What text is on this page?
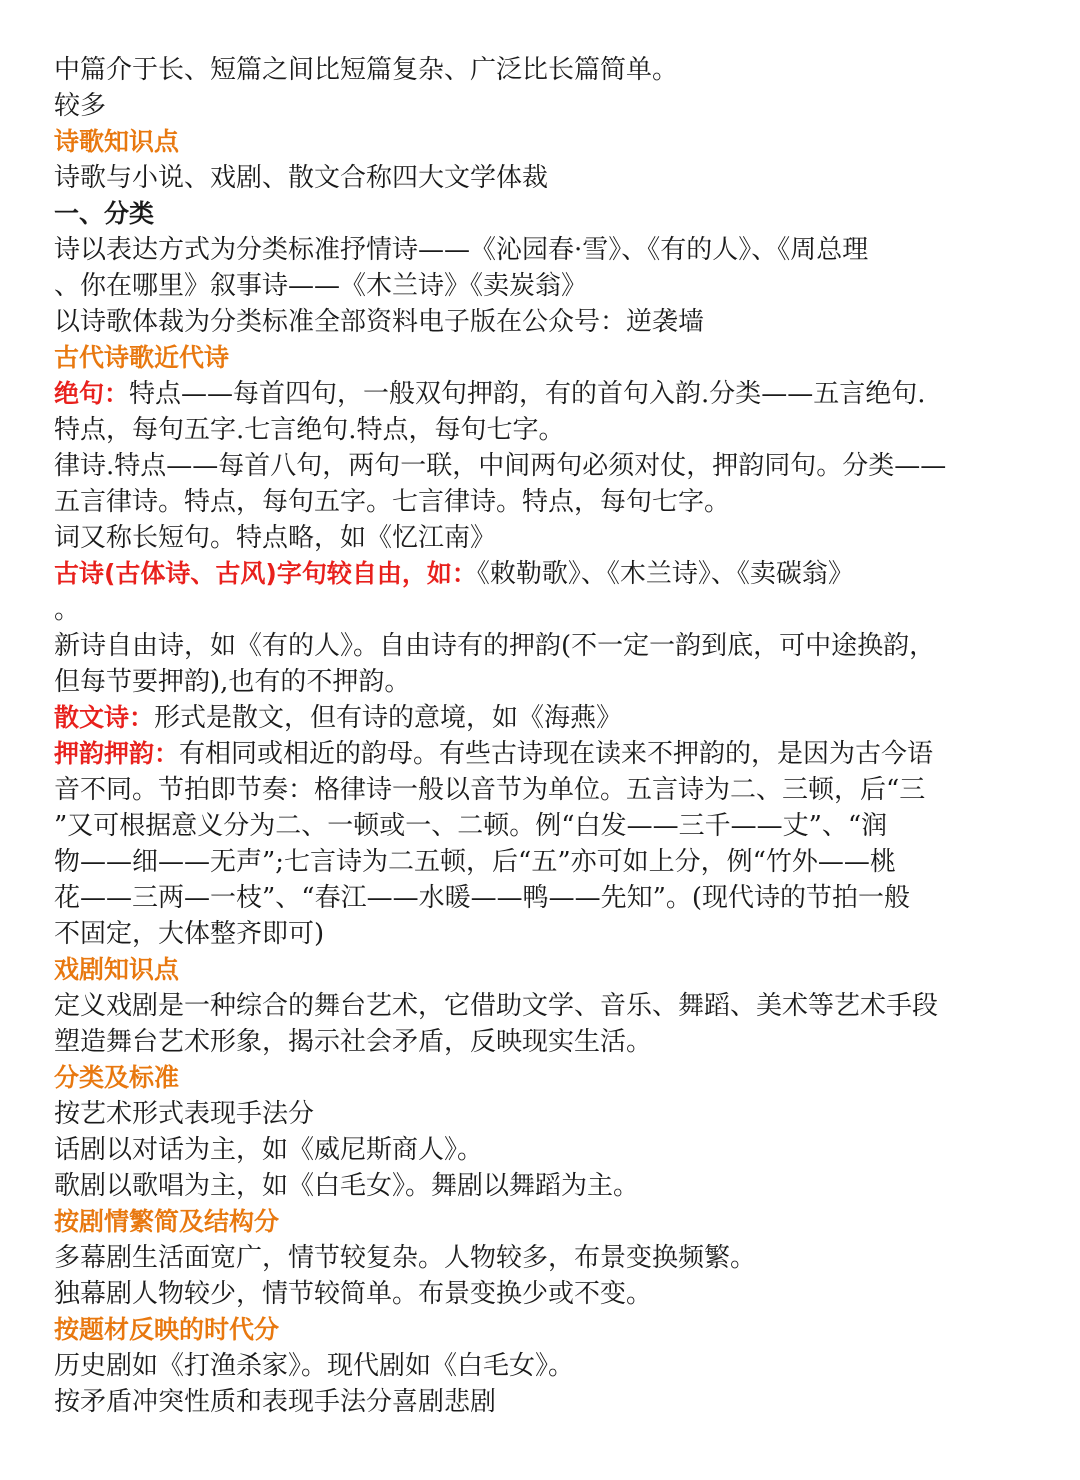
中篇介于长、短篇之间比短篇复杂、广泛比长篇简单。

较多

诗歌知识点

诗歌与小说、戏剧、散文合称四大文学体裁

一、分类

诗以表达方式为分类标准抒情诗——《沁园春·雪》、《有的人》、《周总理

、你在哪里》叙事诗——《木兰诗》《卖炭翁》

以诗歌体裁为分类标准全部资料电子版在公众号：逆袭墙

古代诗歌近代诗

绝句：特点——每首四句，一般双句押韵，有的首句入韵.分类——五言绝句.

特点，每句五字.七言绝句.特点，每句七字。

律诗.特点——每首八句，两句一联，中间两句必须对仗，押韵同句。分类——

五言律诗。特点，每句五字。七言律诗。特点，每句七字。

词又称长短句。特点略，如《忆江南》

古诗(古体诗、古风)字句较自由，如：《敕勒歌》、《木兰诗》、《卖碳翁》

。

新诗自由诗，如《有的人》。自由诗有的押韵(不一定一韵到底，可中途换韵，

但每节要押韵),也有的不押韵。

散文诗：形式是散文，但有诗的意境，如《海燕》

押韵押韵：有相同或相近的韵母。有些古诗现在读来不押韵的，是因为古今语

音不同。节拍即节奏：格律诗一般以音节为单位。五言诗为二、三顿，后“三

”又可根据意义分为二、一顿或一、二顿。例“白发——三千——丈”、“润

物——细——无声”;七言诗为二五顿，后“五”亦可如上分，例“竹外——桃

花——三两—一枝”、“春江——水暖——鸭——先知”。(现代诗的节拍一般

不固定，大体整齐即可)

戏剧知识点

定义戏剧是一种综合的舞台艺术，它借助文学、音乐、舞蹈、美术等艺术手段

塑造舞台艺术形象，揭示社会矛盾，反映现实生活。

分类及标准

按艺术形式表现手法分

话剧以对话为主，如《威尼斯商人》。

歌剧以歌唱为主，如《白毛女》。舞剧以舞蹈为主。

按剧情繁简及结构分

多幕剧生活面宽广，情节较复杂。人物较多，布景变换频繁。

独幕剧人物较少，情节较简单。布景变换少或不变。

按题材反映的时代分

历史剧如《打渔杀家》。现代剧如《白毛女》。

按矛盾冲突性质和表现手法分喜剧悲剧
